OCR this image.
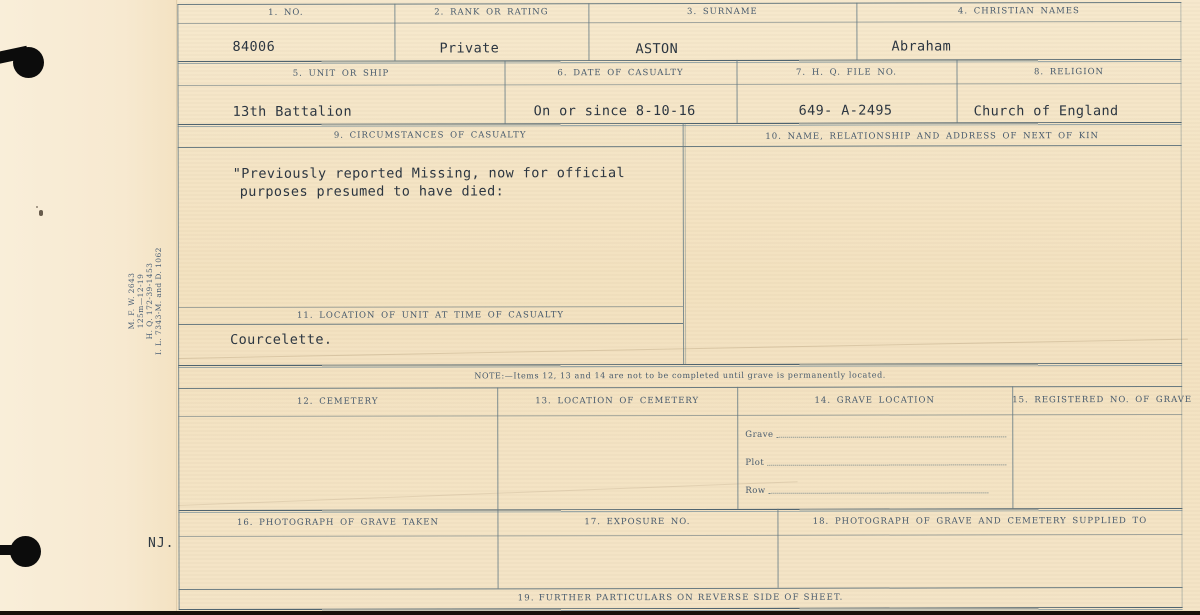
M. F. W. 2643 125m—12-19 H. Q. 172-39-1453 I. L. 7343-M. and D. 1062
NJ.
1. NO.	2. RANK OR RATING	3. SURNAME	4. CHRISTIAN NAMES
84006	Private	ASTON	Abraham
5. UNIT OR SHIP	6. DATE OF CASUALTY	7. H. Q. FILE NO.	8. RELIGION
13th Battalion	On or since 8-10-16	649- A-2495	Church of England
9. CIRCUMSTANCES OF CASUALTY
"Previously reported Missing, now for official
purposes presumed to have died:
10. NAME, RELATIONSHIP AND ADDRESS OF NEXT OF KIN
11. LOCATION OF UNIT AT TIME OF CASUALTY
Courcelette.
NOTE:—Items 12, 13 and 14 are not to be completed until grave is permanently located.
12. CEMETERY	13. LOCATION OF CEMETERY	14. GRAVE LOCATION	15. REGISTERED NO. OF GRAVE
Grave
Plot
Row
16. PHOTOGRAPH OF GRAVE TAKEN	17. EXPOSURE NO.	18. PHOTOGRAPH OF GRAVE AND CEMETERY SUPPLIED TO
19. FURTHER PARTICULARS ON REVERSE SIDE OF SHEET.
